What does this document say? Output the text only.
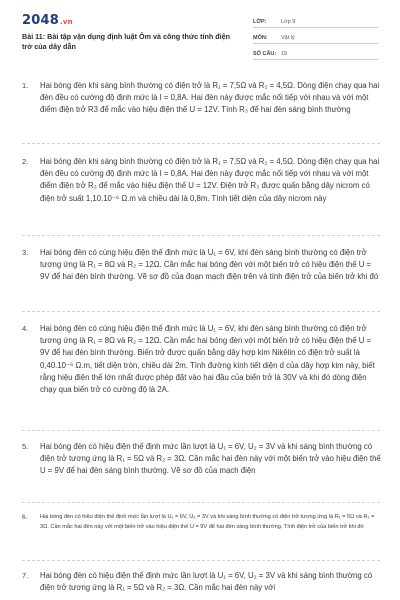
2048.vn
Bài 11: Bài tập vận dụng định luật Ôm và công thức tính điện trở của dây dẫn
LỚP:	Lớp 9
MÔN:	Vật lý
SỐ CÂU: 19
1.	Hai bóng đèn khi sáng bình thường có điện trở là R₁ = 7,5Ω và R₂ = 4,5Ω. Dòng điện chạy qua hai đèn đều có cường độ định mức là I = 0,8A. Hai đèn này được mắc nối tiếp với nhau và với một điểm điện trở R3 để mắc vào hiệu điện thế U = 12V. Tính R₃ để hai đèn sáng bình thường
2.	Hai bóng đèn khi sáng bình thường có điện trở là R₁ = 7,5Ω và R₂ = 4,5Ω. Dòng điện chạy qua hai đèn đều có cường độ định mức là I = 0,8A. Hai đèn này được mắc nối tiếp với nhau và với một điểm điện trở R₃ để mắc vào hiệu điện thế U = 12V. Điện trở R₃ được quấn bằng dây nicrom có điện trở suất 1,10.10⁻⁶ Ω.m và chiều dài là 0,8m. Tính tiết diện của dây nicrom này
3.	Hai bóng đèn có cùng hiệu điện thế định mức là U₁ = 6V, khi đèn sáng bình thường có điện trở tương ứng là R₁ = 8Ω và R₂ = 12Ω. Cần mắc hai bóng đèn với một biến trở có hiệu điện thế U = 9V để hai đèn bình thường. Vẽ sơ đồ của đoạn mạch điện trên và tính điện trở của biến trở khi đó
4.	Hai bóng đèn có cùng hiệu điện thế định mức là U₁ = 6V, khi đèn sáng bình thường có điện trở tương ứng là R₁ = 8Ω và R₂ = 12Ω. Cần mắc hai bóng đèn với một biến trở có hiệu điện thế U = 9V để hai đèn bình thường. Biến trở được quấn bằng dây hợp kim Nikêlin có điện trở suất là 0,40.10⁻⁶ Ω.m, tiết diện tròn, chiều dài 2m. Tính đường kính tiết diện d của dây hợp kim này, biết rằng hiệu điện thế lớn nhất được phép đặt vào hai đầu của biến trở là 30V và khi đó dòng điện chạy qua biến trở có cường độ là 2A.
5.	Hai bóng đèn có hiệu điện thế định mức lần lượt là U₁ = 6V, U₂ = 3V và khi sáng bình thường có điện trở tương ứng là R₁ = 5Ω và R₂ = 3Ω. Cần mắc hai đèn này với một biến trở vào hiệu điện thế U = 9V để hai đèn sáng bình thường. Vẽ sơ đồ của mạch điện
6.	Hai bóng đèn có hiệu điện thế định mức lần lượt là U₁ = 6V, U₂ = 3V và khi sáng bình thường có điện trở tương ứng là R₁ = 5Ω và R₂ = 3Ω. Cần mắc hai đèn này với một biến trở vào hiệu điện thế U = 9V để hai đèn sáng bình thường. Tính điện trở của biến trở khi đó
7.	Hai bóng đèn có hiệu điện thế định mức lần lượt là U₁ = 6V, U₂ = 3V và khi sáng bình thường có điện trở tương ứng là R₁ = 5Ω và R₂ = 3Ω. Cần mắc hai đèn này với
